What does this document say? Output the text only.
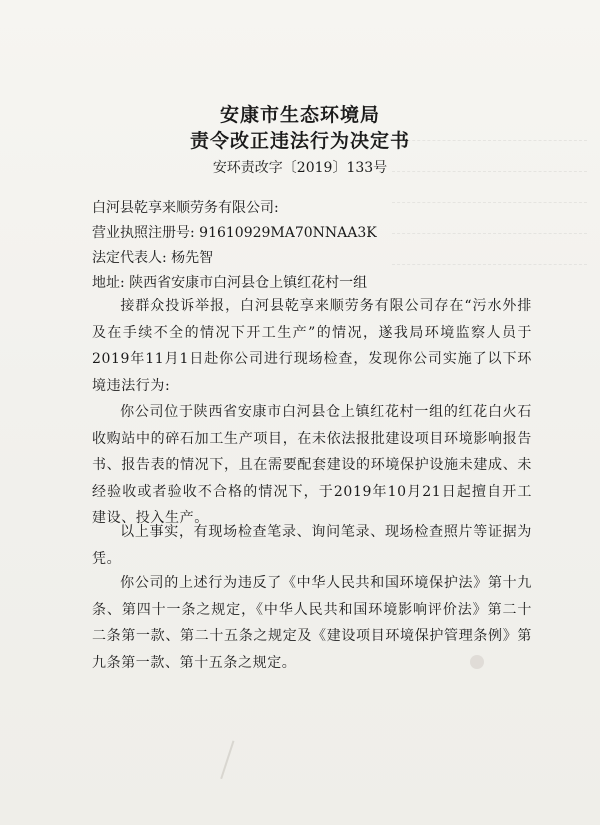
安康市生态环境局
责令改正违法行为决定书
安环责改字〔2019〕133号
白河县乾享来顺劳务有限公司:
营业执照注册号: 91610929MA70NNAA3K
法定代表人: 杨先智
地址: 陕西省安康市白河县仓上镇红花村一组
接群众投诉举报，白河县乾享来顺劳务有限公司存在“污水外排及在手续不全的情况下开工生产”的情况，遂我局环境监察人员于2019年11月1日赴你公司进行现场检查，发现你公司实施了以下环境违法行为:
你公司位于陕西省安康市白河县仓上镇红花村一组的红花白火石收购站中的碎石加工生产项目，在未依法报批建设项目环境影响报告书、报告表的情况下，且在需要配套建设的环境保护设施未建成、未经验收或者验收不合格的情况下，于2019年10月21日起擅自开工建设、投入生产。
以上事实，有现场检查笔录、询问笔录、现场检查照片等证据为凭。
你公司的上述行为违反了《中华人民共和国环境保护法》第十九条、第四十一条之规定，《中华人民共和国环境影响评价法》第二十二条第一款、第二十五条之规定及《建设项目环境保护管理条例》第九条第一款、第十五条之规定。
